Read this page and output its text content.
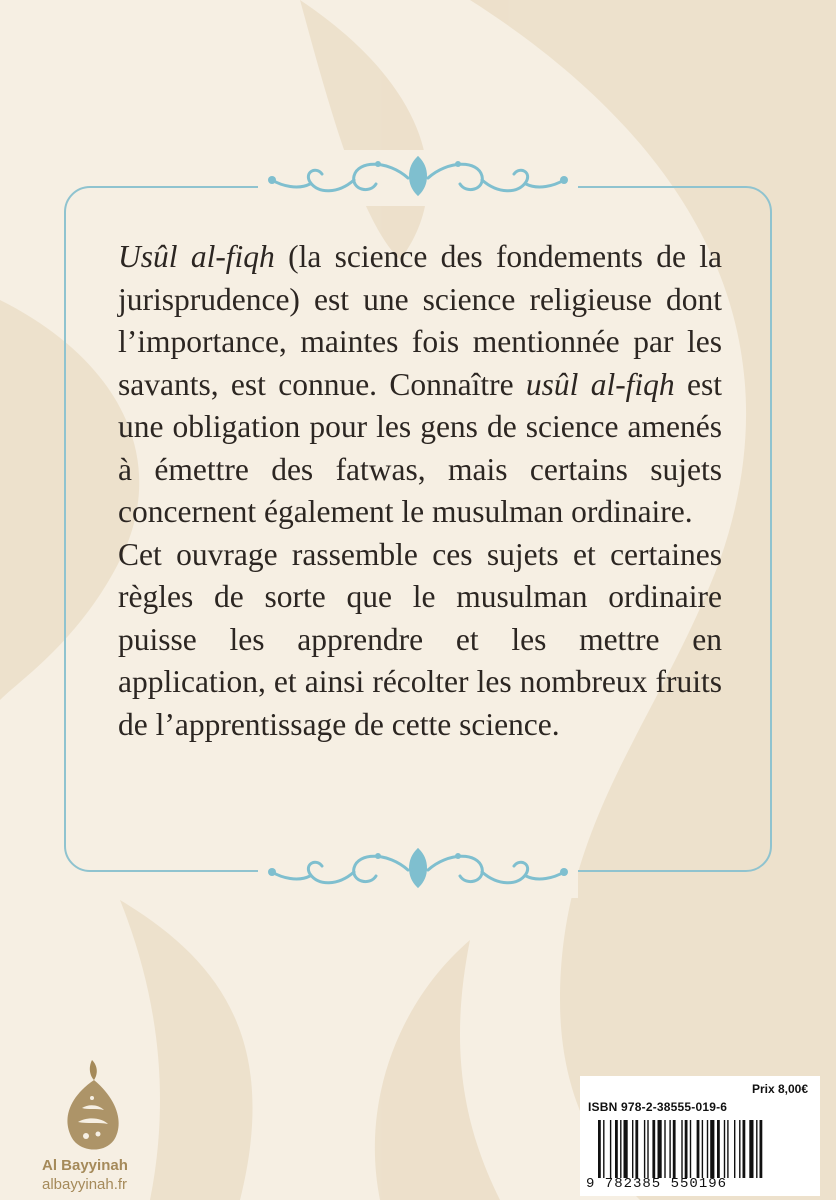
Usûl al-fiqh (la science des fondements de la jurisprudence) est une science religieuse dont l’importance, maintes fois mentionnée par les savants, est connue. Connaître usûl al-fiqh est une obligation pour les gens de science amenés à émettre des fatwas, mais certains sujets concernent également le musulman ordinaire.

Cet ouvrage rassemble ces sujets et certaines règles de sorte que le musulman ordinaire puisse les apprendre et les mettre en application, et ainsi récolter les nombreux fruits de l’apprentissage de cette science.

Al Bayyinah
albayyinah.fr
Prix 8,00€
ISBN 978-2-38555-019-6
9 782385 550196
